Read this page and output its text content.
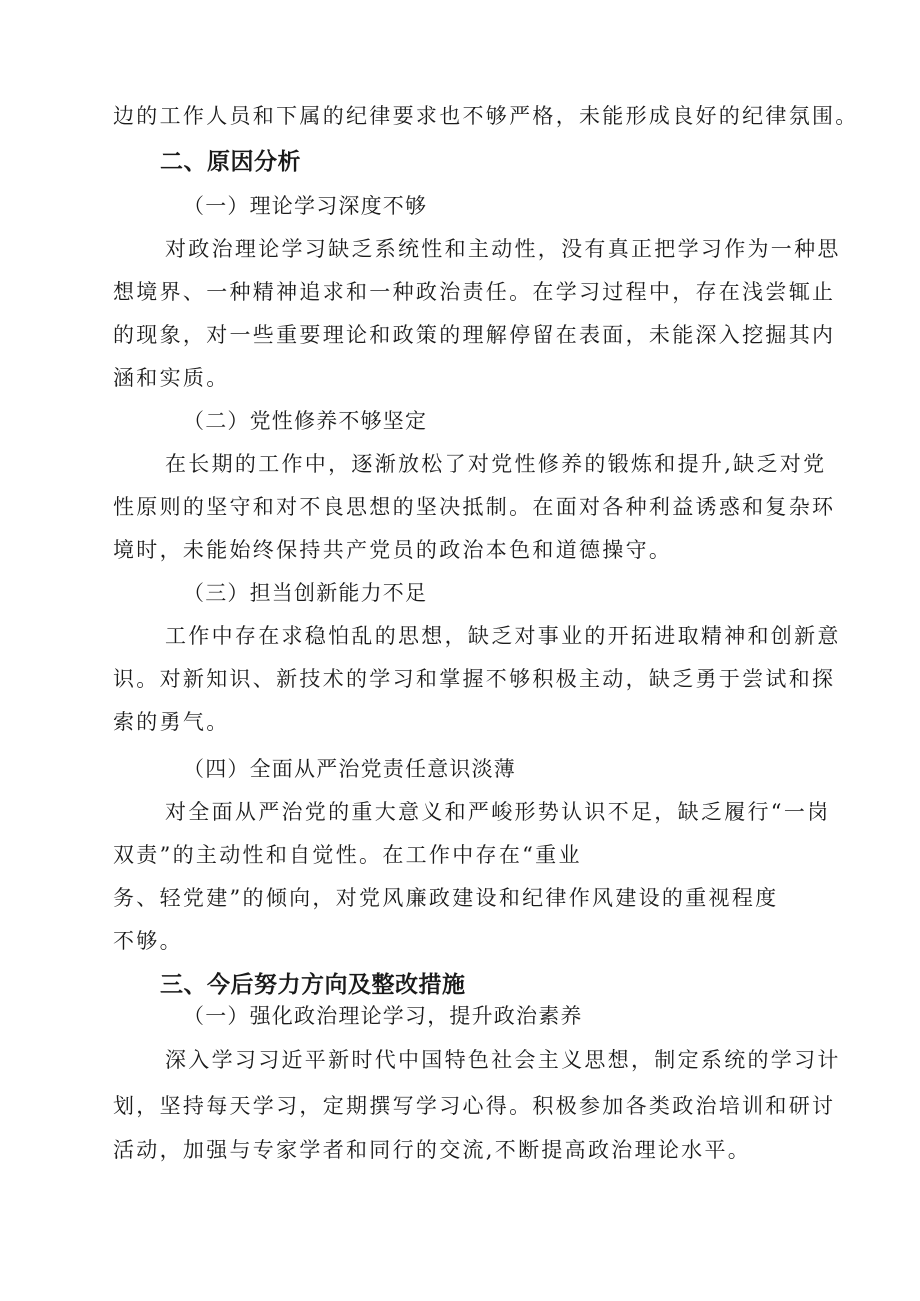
边的工作人员和下属的纪律要求也不够严格，未能形成良好的纪律氛围。
二、原因分析
（一）理论学习深度不够
对政治理论学习缺乏系统性和主动性，没有真正把学习作为一种思
想境界、一种精神追求和一种政治责任。在学习过程中，存在浅尝辄止
的现象，对一些重要理论和政策的理解停留在表面，未能深入挖掘其内
涵和实质。
（二）党性修养不够坚定
在长期的工作中，逐渐放松了对党性修养的锻炼和提升,缺乏对党
性原则的坚守和对不良思想的坚决抵制。在面对各种利益诱惑和复杂环
境时，未能始终保持共产党员的政治本色和道德操守。
（三）担当创新能力不足
工作中存在求稳怕乱的思想，缺乏对事业的开拓进取精神和创新意
识。对新知识、新技术的学习和掌握不够积极主动，缺乏勇于尝试和探
索的勇气。
（四）全面从严治党责任意识淡薄
对全面从严治党的重大意义和严峻形势认识不足，缺乏履行“一岗
双责”的主动性和自觉性。在工作中存在“重业
务、轻党建”的倾向，对党风廉政建设和纪律作风建设的重视程度
不够。
三、今后努力方向及整改措施
（一）强化政治理论学习，提升政治素养
深入学习习近平新时代中国特色社会主义思想，制定系统的学习计
划，坚持每天学习，定期撰写学习心得。积极参加各类政治培训和研讨
活动，加强与专家学者和同行的交流,不断提高政治理论水平。
